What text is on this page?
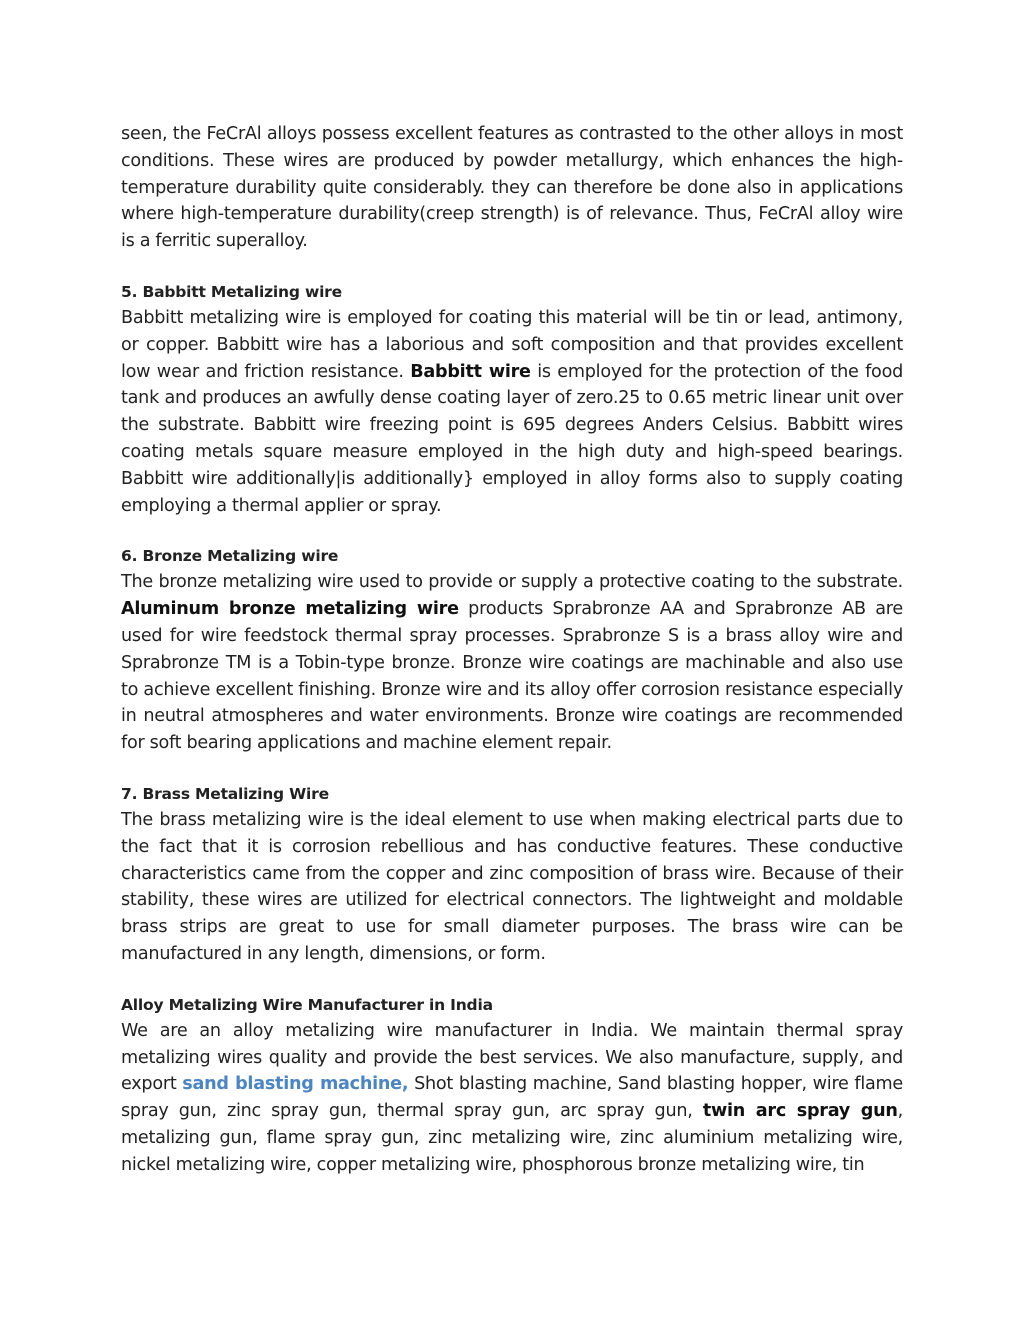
seen, the FeCrAl alloys possess excellent features as contrasted to the other alloys in most conditions. These wires are produced by powder metallurgy, which enhances the high-temperature durability quite considerably. they can therefore be done also in applications where high-temperature durability(creep strength) is of relevance. Thus, FeCrAl alloy wire is a ferritic superalloy.

5. Babbitt Metalizing wire

Babbitt metalizing wire is employed for coating this material will be tin or lead, antimony, or copper. Babbitt wire has a laborious and soft composition and that provides excellent low wear and friction resistance. Babbitt wire is employed for the protection of the food tank and produces an awfully dense coating layer of zero.25 to 0.65 metric linear unit over the substrate. Babbitt wire freezing point is 695 degrees Anders Celsius. Babbitt wires coating metals square measure employed in the high duty and high-speed bearings. Babbitt wire additionally|is additionally} employed in alloy forms also to supply coating employing a thermal applier or spray.

6. Bronze Metalizing wire

The bronze metalizing wire used to provide or supply a protective coating to the substrate. Aluminum bronze metalizing wire products Sprabronze AA and Sprabronze AB are used for wire feedstock thermal spray processes. Sprabronze S is a brass alloy wire and Sprabronze TM is a Tobin-type bronze. Bronze wire coatings are machinable and also use to achieve excellent finishing. Bronze wire and its alloy offer corrosion resistance especially in neutral atmospheres and water environments. Bronze wire coatings are recommended for soft bearing applications and machine element repair.

7. Brass Metalizing Wire

The brass metalizing wire is the ideal element to use when making electrical parts due to the fact that it is corrosion rebellious and has conductive features. These conductive characteristics came from the copper and zinc composition of brass wire. Because of their stability, these wires are utilized for electrical connectors. The lightweight and moldable brass strips are great to use for small diameter purposes. The brass wire can be manufactured in any length, dimensions, or form.

Alloy Metalizing Wire Manufacturer in India

We are an alloy metalizing wire manufacturer in India. We maintain thermal spray metalizing wires quality and provide the best services. We also manufacture, supply, and export sand blasting machine, Shot blasting machine, Sand blasting hopper, wire flame spray gun, zinc spray gun, thermal spray gun, arc spray gun, twin arc spray gun, metalizing gun, flame spray gun, zinc metalizing wire, zinc aluminium metalizing wire, nickel metalizing wire, copper metalizing wire, phosphorous bronze metalizing wire, tin
